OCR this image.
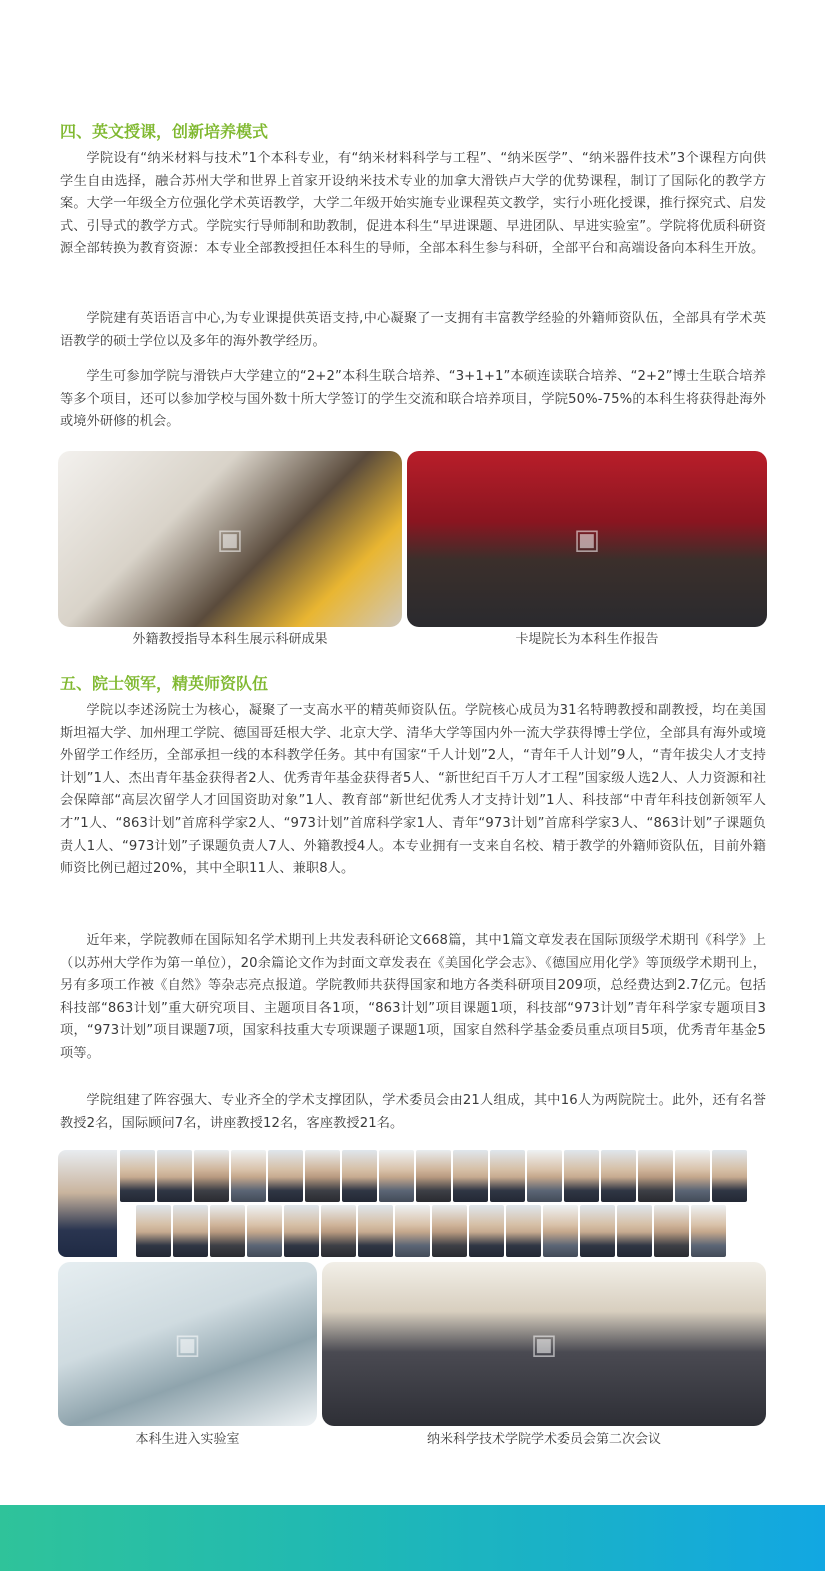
四、英文授课，创新培养模式

学院设有“纳米材料与技术”1个本科专业，有“纳米材料科学与工程”、“纳米医学”、“纳米器件技术”3个课程方向供学生自由选择，融合苏州大学和世界上首家开设纳米技术专业的加拿大滑铁卢大学的优势课程，制订了国际化的教学方案。大学一年级全方位强化学术英语教学，大学二年级开始实施专业课程英文教学，实行小班化授课，推行探究式、启发式、引导式的教学方式。学院实行导师制和助教制，促进本科生“早进课题、早进团队、早进实验室”。学院将优质科研资源全部转换为教育资源：本专业全部教授担任本科生的导师，全部本科生参与科研，全部平台和高端设备向本科生开放。

学院建有英语语言中心,为专业课提供英语支持,中心凝聚了一支拥有丰富教学经验的外籍师资队伍，全部具有学术英语教学的硕士学位以及多年的海外教学经历。

学生可参加学院与滑铁卢大学建立的“2+2”本科生联合培养、“3+1+1”本硕连读联合培养、“2+2”博士生联合培养等多个项目，还可以参加学校与国外数十所大学签订的学生交流和联合培养项目，学院50%-75%的本科生将获得赴海外或境外研修的机会。

▣	▣

外籍教授指导本科生展示科研成果	卡堤院长为本科生作报告

五、院士领军，精英师资队伍

学院以李述汤院士为核心，凝聚了一支高水平的精英师资队伍。学院核心成员为31名特聘教授和副教授，均在美国斯坦福大学、加州理工学院、德国哥廷根大学、北京大学、清华大学等国内外一流大学获得博士学位，全部具有海外或境外留学工作经历，全部承担一线的本科教学任务。其中有国家“千人计划”2人，“青年千人计划”9人，“青年拔尖人才支持计划”1人、杰出青年基金获得者2人、优秀青年基金获得者5人、“新世纪百千万人才工程”国家级人选2人、人力资源和社会保障部“高层次留学人才回国资助对象”1人、教育部“新世纪优秀人才支持计划”1人、科技部“中青年科技创新领军人才”1人、“863计划”首席科学家2人、“973计划”首席科学家1人、青年“973计划”首席科学家3人、“863计划”子课题负责人1人、“973计划”子课题负责人7人、外籍教授4人。本专业拥有一支来自名校、精于教学的外籍师资队伍，目前外籍师资比例已超过20%，其中全职11人、兼职8人。

近年来，学院教师在国际知名学术期刊上共发表科研论文668篇，其中1篇文章发表在国际顶级学术期刊《科学》上（以苏州大学作为第一单位），20余篇论文作为封面文章发表在《美国化学会志》、《德国应用化学》等顶级学术期刊上，另有多项工作被《自然》等杂志亮点报道。学院教师共获得国家和地方各类科研项目209项，总经费达到2.7亿元。包括科技部“863计划”重大研究项目、主题项目各1项，“863计划”项目课题1项，科技部“973计划”青年科学家专题项目3项，“973计划”项目课题7项，国家科技重大专项课题子课题1项，国家自然科学基金委员重点项目5项，优秀青年基金5项等。

学院组建了阵容强大、专业齐全的学术支撑团队，学术委员会由21人组成，其中16人为两院院士。此外，还有名誉教授2名，国际顾问7名，讲座教授12名，客座教授21名。

▣	▣

本科生进入实验室	纳米科学技术学院学术委员会第二次会议
